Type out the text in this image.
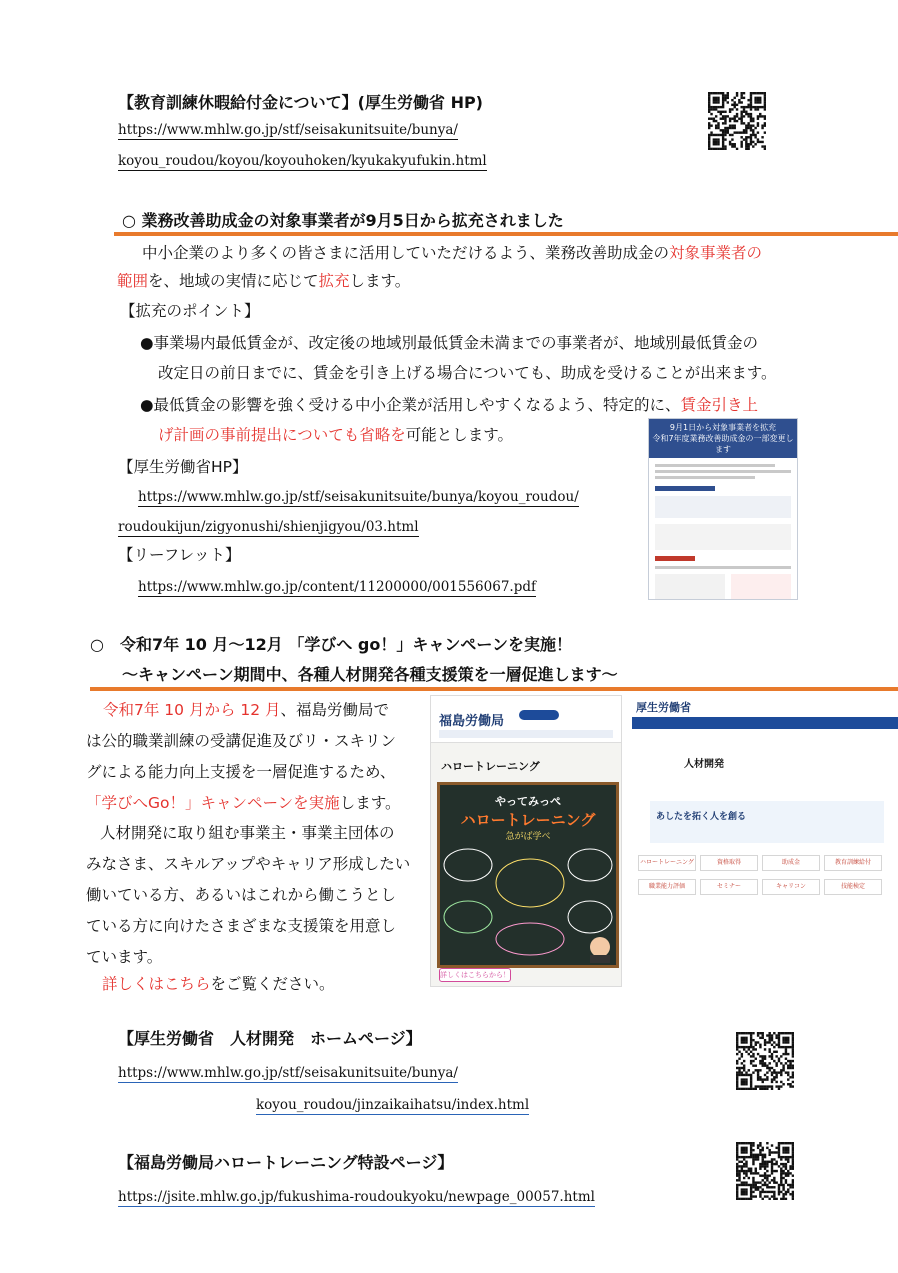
【教育訓練休暇給付金について】(厚生労働省 HP)
https://www.mhlw.go.jp/stf/seisakunitsuite/bunya/
koyou_roudou/koyou/koyouhoken/kyukakyufukin.html
○ 業務改善助成金の対象事業者が9月5日から拡充されました
中小企業のより多くの皆さまに活用していただけるよう、業務改善助成金の対象事業者の
範囲を、地域の実情に応じて拡充します。
【拡充のポイント】
●事業場内最低賃金が、改定後の地域別最低賃金未満までの事業者が、地域別最低賃金の
改定日の前日までに、賃金を引き上げる場合についても、助成を受けることが出来ます。
●最低賃金の影響を強く受ける中小企業が活用しやすくなるよう、特定的に、賃金引き上
げ計画の事前提出についても省略を可能とします。
【厚生労働省HP】
https://www.mhlw.go.jp/stf/seisakunitsuite/bunya/koyou_roudou/
roudoukijun/zigyonushi/shienjigyou/03.html
【リーフレット】
https://www.mhlw.go.jp/content/11200000/001556067.pdf
9月1日から対象事業者を拡充
令和7年度業務改善助成金の一部変更します
○　令和7年 10 月～12月 「学びへ go！」キャンペーンを実施！
～キャンペーン期間中、各種人材開発各種支援策を一層促進します～
令和7年 10 月から 12 月、福島労働局で
は公的職業訓練の受講促進及びリ・スキリン
グによる能力向上支援を一層促進するため、
「学びへGo！」キャンペーンを実施します。
人材開発に取り組む事業主・事業主団体の
みなさま、スキルアップやキャリア形成したい
働いている方、あるいはこれから働こうとし
ている方に向けたさまざまな支援策を用意し
ています。
詳しくはこちらをご覧ください。
福島労働局
ハロートレーニング
やってみっぺ
ハロートレーニング
急がば学べ
詳しくはこちらから！
厚生労働省
人材開発
あしたを拓く人を創る
ハロートレーニング	資格取得	助成金	教育訓練給付
職業能力評価	セミナー	キャリコン	技能検定
【厚生労働省　人材開発　ホームページ】
https://www.mhlw.go.jp/stf/seisakunitsuite/bunya/
koyou_roudou/jinzaikaihatsu/index.html
【福島労働局ハロートレーニング特設ページ】
https://jsite.mhlw.go.jp/fukushima-roudoukyoku/newpage_00057.html
